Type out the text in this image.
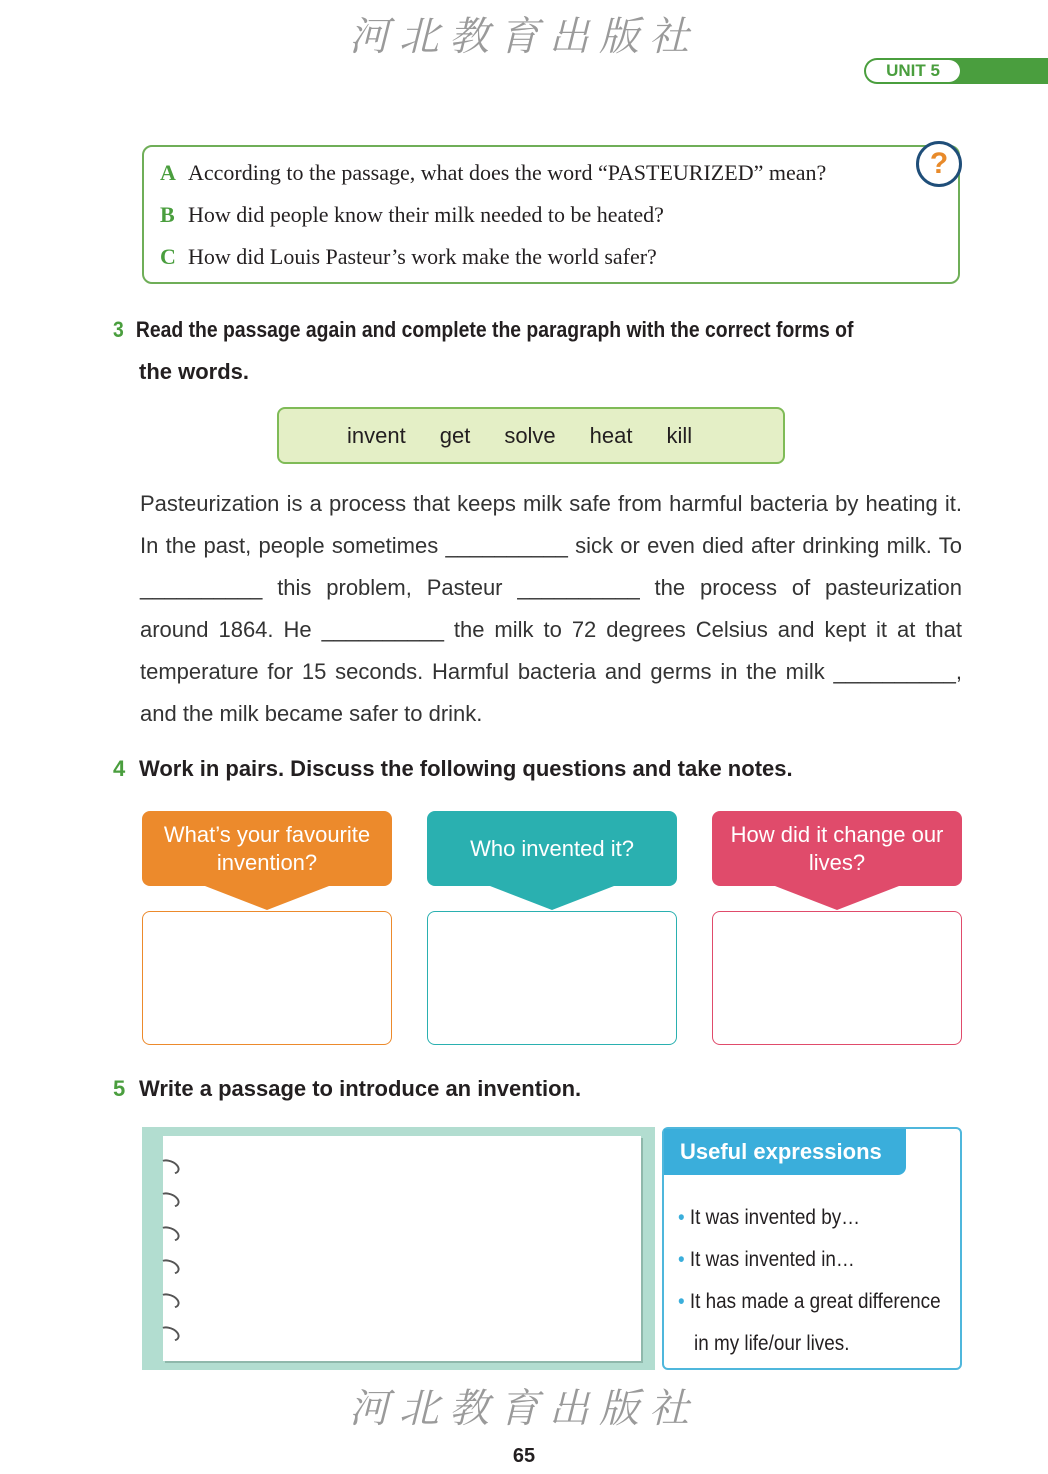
河北教育出版社
UNIT 5
?
A According to the passage, what does the word “PASTEURIZED” mean?
B How did people know their milk needed to be heated?
C How did Louis Pasteur’s work make the world safer?
3 Read the passage again and complete the paragraph with the correct forms of
the words.
invent get solve heat kill
Pasteurization is a process that keeps milk safe from harmful bacteria by heating it. In the past, people sometimes __________ sick or even died after drinking milk. To __________ this problem, Pasteur __________ the process of pasteurization around 1864. He __________ the milk to 72 degrees Celsius and kept it at that temperature for 15 seconds. Harmful bacteria and germs in the milk __________, and the milk became safer to drink.
4 Work in pairs. Discuss the following questions and take notes.
What’s your favourite invention?
Who invented it?
How did it change our lives?
5 Write a passage to introduce an invention.
Useful expressions
• It was invented by…
• It was invented in…
• It has made a great difference
in my life/our lives.
河北教育出版社
65
